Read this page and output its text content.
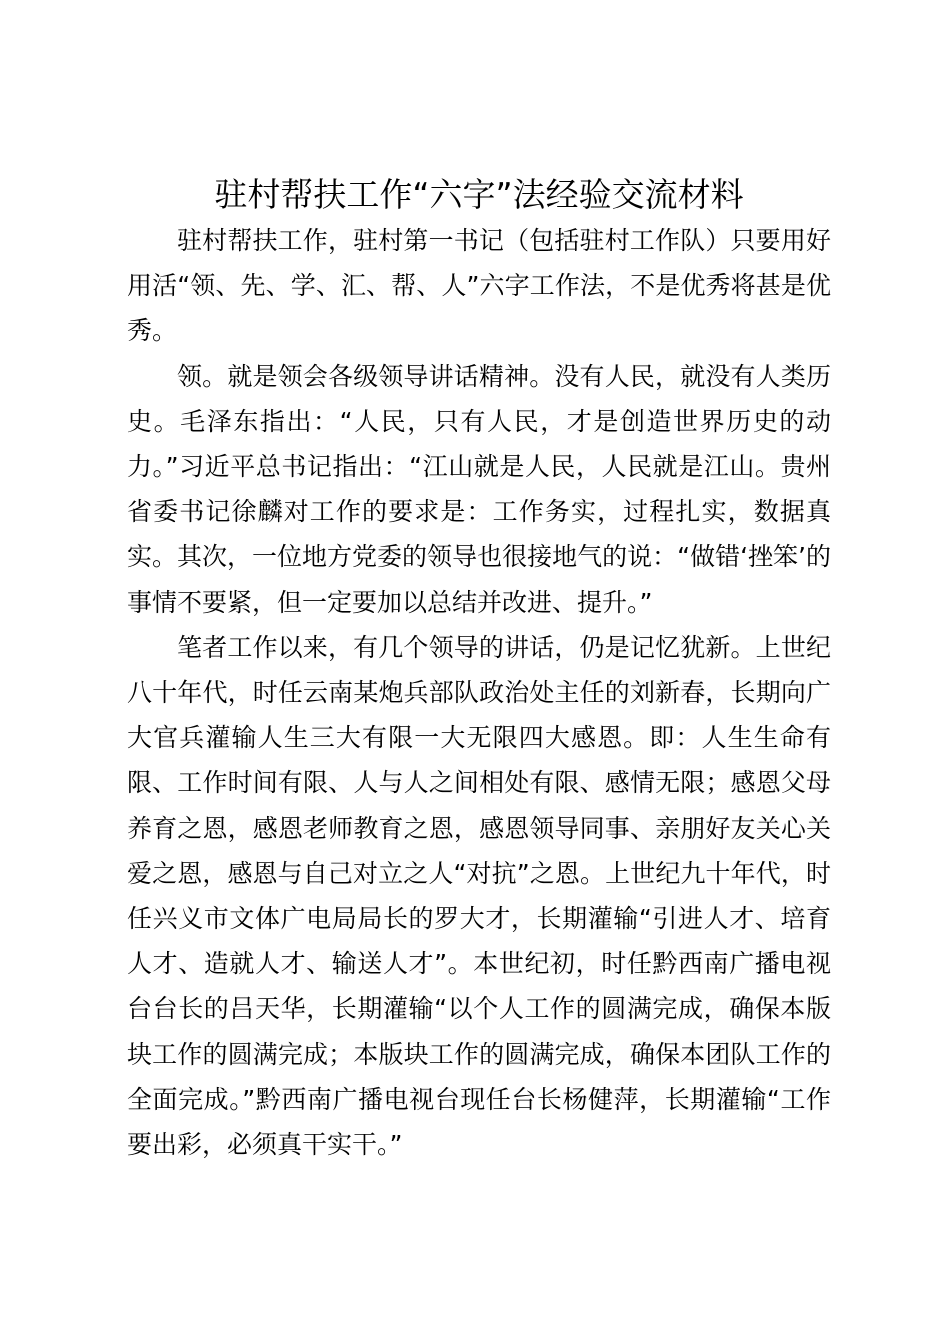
驻村帮扶工作“六字”法经验交流材料

驻村帮扶工作，驻村第一书记（包括驻村工作队）只要用好用活“领、先、学、汇、帮、人”六字工作法，不是优秀将甚是优秀。

领。就是领会各级领导讲话精神。没有人民，就没有人类历史。毛泽东指出：“人民，只有人民，才是创造世界历史的动力。”习近平总书记指出：“江山就是人民，人民就是江山。贵州省委书记徐麟对工作的要求是：工作务实，过程扎实，数据真实。其次，一位地方党委的领导也很接地气的说：“做错‘挫笨’的事情不要紧，但一定要加以总结并改进、提升。”

笔者工作以来，有几个领导的讲话，仍是记忆犹新。上世纪八十年代，时任云南某炮兵部队政治处主任的刘新春，长期向广大官兵灌输人生三大有限一大无限四大感恩。即：人生生命有限、工作时间有限、人与人之间相处有限、感情无限；感恩父母养育之恩，感恩老师教育之恩，感恩领导同事、亲朋好友关心关爱之恩，感恩与自己对立之人“对抗”之恩。上世纪九十年代，时任兴义市文体广电局局长的罗大才，长期灌输“引进人才、培育人才、造就人才、输送人才”。本世纪初，时任黔西南广播电视台台长的吕天华，长期灌输“以个人工作的圆满完成，确保本版块工作的圆满完成；本版块工作的圆满完成，确保本团队工作的全面完成。”黔西南广播电视台现任台长杨健萍，长期灌输“工作要出彩，必须真干实干。”
